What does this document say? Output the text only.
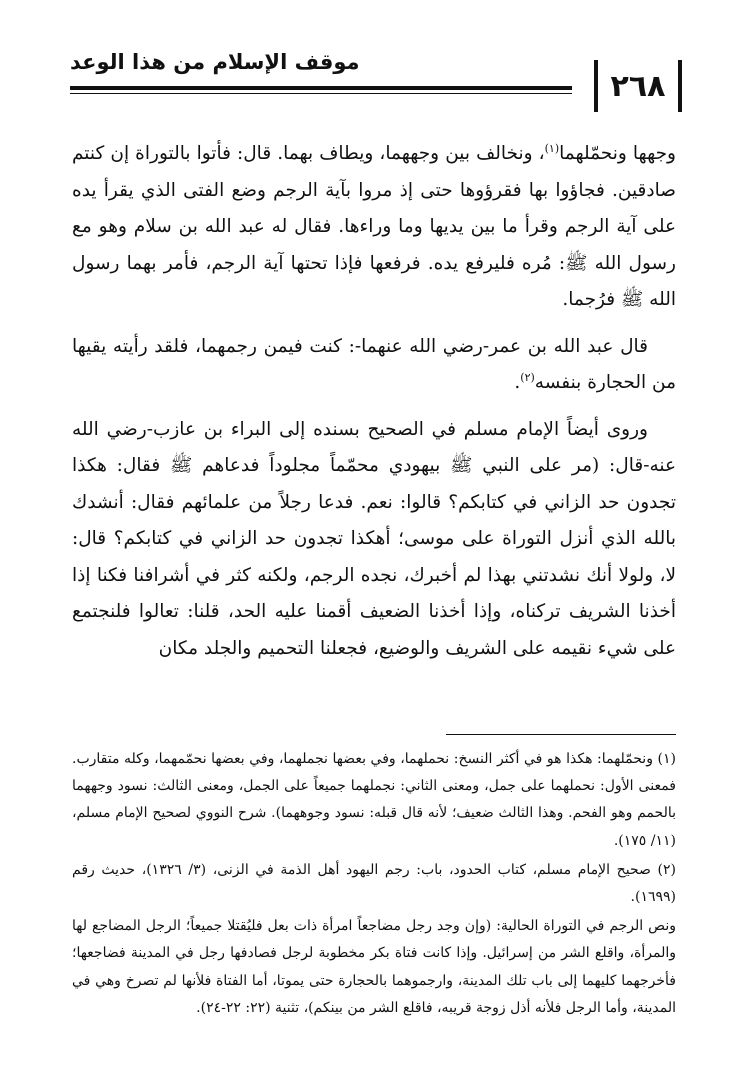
موقف الإسلام من هذا الوعد
٢٦٨

وجهها ونحمّلهما$^{(١)}$، ونخالف بين وجههما، ويطاف بهما. قال: فأتوا بالتوراة إن كنتم صادقين. فجاؤوا بها فقرؤوها حتى إذ مروا بآية الرجم وضع الفتى الذي يقرأ يده على آية الرجم وقرأ ما بين يديها وما وراءها. فقال له عبد الله بن سلام وهو مع رسول الله ﷺ: مُره فليرفع يده. فرفعها فإذا تحتها آية الرجم، فأمر بهما رسول الله ﷺ فرُجما.

قال عبد الله بن عمر-رضي الله عنهما-: كنت فيمن رجمهما، فلقد رأيته يقيها من الحجارة بنفسه$^{(٢)}$.

وروى أيضاً الإمام مسلم في الصحيح بسنده إلى البراء بن عازب-رضي الله عنه-قال: (مر على النبي ﷺ بيهودي محمّماً مجلوداً فدعاهم ﷺ فقال: هكذا تجدون حد الزاني في كتابكم؟ قالوا: نعم. فدعا رجلاً من علمائهم فقال: أنشدك بالله الذي أنزل التوراة على موسى؛ أهكذا تجدون حد الزاني في كتابكم؟ قال: لا، ولولا أنك نشدتني بهذا لم أخبرك، نجده الرجم، ولكنه كثر في أشرافنا فكنا إذا أخذنا الشريف تركناه، وإذا أخذنا الضعيف أقمنا عليه الحد، قلنا: تعالوا فلنجتمع على شيء نقيمه على الشريف والوضيع، فجعلنا التحميم والجلد مكان

(١) ونحمّلهما: هكذا هو في أكثر النسخ: نحملهما، وفي بعضها نجملهما، وفي بعضها نحمّمهما، وكله متقارب. فمعنى الأول: نحملهما على جمل، ومعنى الثاني: نجملهما جميعاً على الجمل، ومعنى الثالث: نسود وجههما بالحمم وهو الفحم. وهذا الثالث ضعيف؛ لأنه قال قبله: نسود وجوههما). شرح النووي لصحيح الإمام مسلم، (١١/ ١٧٥).

(٢) صحيح الإمام مسلم، كتاب الحدود، باب: رجم اليهود أهل الذمة في الزنى، (٣/ ١٣٢٦)، حديث رقم (١٦٩٩).

ونص الرجم في التوراة الحالية: (وإن وجد رجل مضاجعاً امرأة ذات بعل فليُقتلا جميعاً؛ الرجل المضاجع لها والمرأة، واقلع الشر من إسرائيل. وإذا كانت فتاة بكر مخطوبة لرجل فصادفها رجل في المدينة فضاجعها؛ فأخرجهما كليهما إلى باب تلك المدينة، وارجموهما بالحجارة حتى يموتا، أما الفتاة فلأنها لم تصرخ وهي في المدينة، وأما الرجل فلأنه أذل زوجة قريبه، فاقلع الشر من بينكم)، تثنية (٢٢: ٢٢-٢٤).
